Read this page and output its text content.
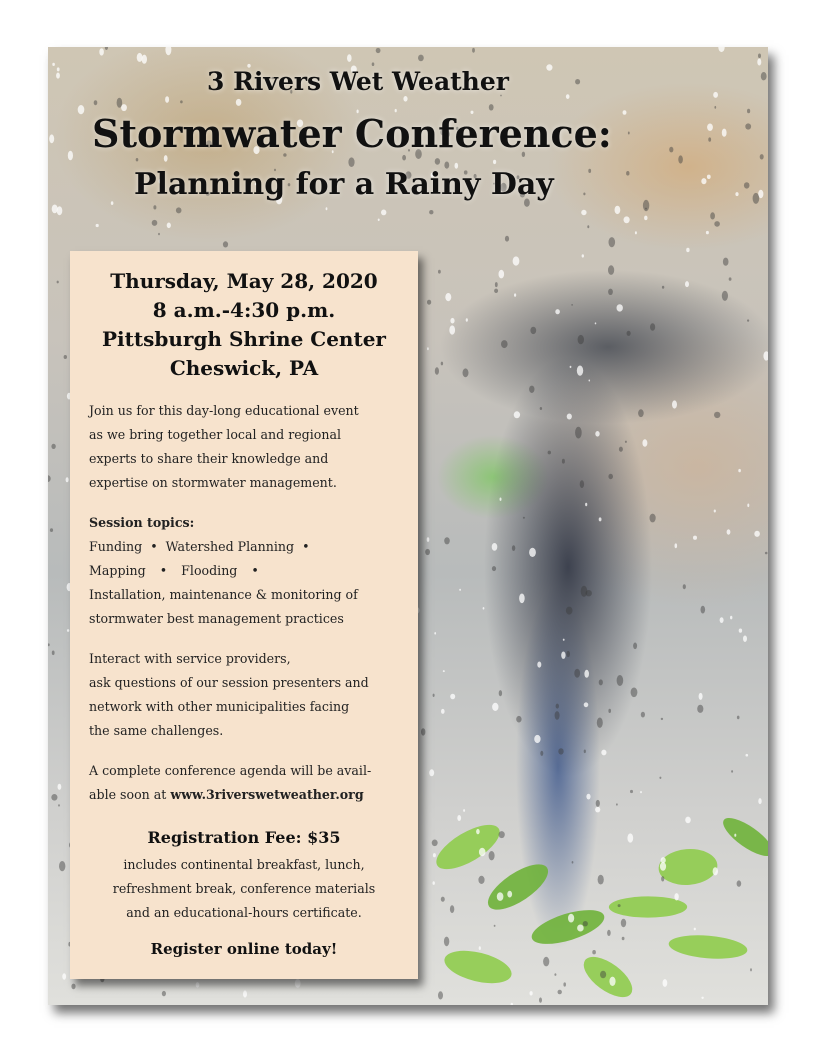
3 Rivers Wet Weather
Stormwater Conference:
Planning for a Rainy Day
Thursday, May 28, 2020
8 a.m.-4:30 p.m.
Pittsburgh Shrine Center
Cheswick, PA
Join us for this day-long educational event
as we bring together local and regional
experts to share their knowledge and
expertise on stormwater management.
Session topics:
Funding • Watershed Planning •
Mapping • Flooding •
Installation, maintenance & monitoring of
stormwater best management practices
Interact with service providers,
ask questions of our session presenters and
network with other municipalities facing
the same challenges.
A complete conference agenda will be avail-
able soon at www.3riverswetweather.org
Registration Fee: $35
includes continental breakfast, lunch,
refreshment break, conference materials
and an educational-hours certificate.
Register online today!
